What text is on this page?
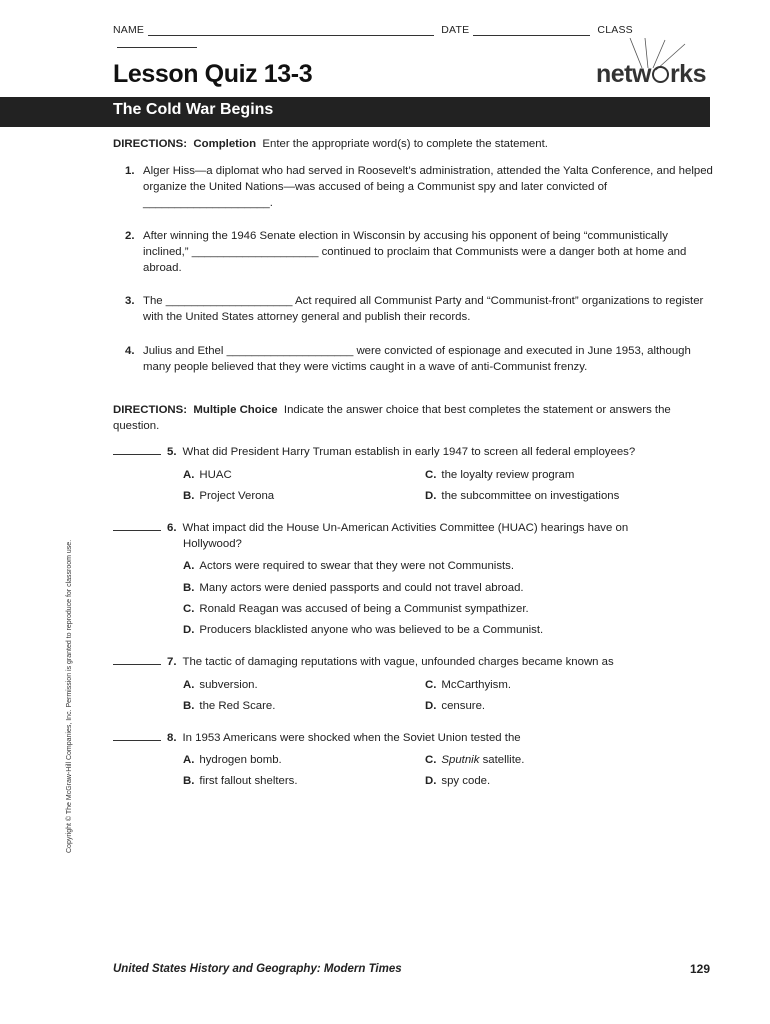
NAME	DATE	CLASS
Lesson Quiz 13-3	netw rks
The Cold War Begins
DIRECTIONS: Completion Enter the appropriate word(s) to complete the statement.
1. Alger Hiss—a diplomat who had served in Roosevelt’s administration, attended the Yalta Conference, and helped organize the United Nations—was accused of being a Communist spy and later convicted of ____________________.
2. After winning the 1946 Senate election in Wisconsin by accusing his opponent of being “communistically inclined,” ____________________ continued to proclaim that Communists were a danger both at home and abroad.
3. The ____________________ Act required all Communist Party and “Communist-front” organizations to register with the United States attorney general and publish their records.
4. Julius and Ethel ____________________ were convicted of espionage and executed in June 1953, although many people believed that they were victims caught in a wave of anti-Communist frenzy.
DIRECTIONS: Multiple Choice Indicate the answer choice that best completes the statement or answers the question.
5. What did President Harry Truman establish in early 1947 to screen all federal employees?
A. HUAC	C. the loyalty review program
B. Project Verona	D. the subcommittee on investigations
6. What impact did the House Un-American Activities Committee (HUAC) hearings have on
Hollywood?
A. Actors were required to swear that they were not Communists.
B. Many actors were denied passports and could not travel abroad.
C. Ronald Reagan was accused of being a Communist sympathizer.
D. Producers blacklisted anyone who was believed to be a Communist.
7. The tactic of damaging reputations with vague, unfounded charges became known as
A. subversion.	C. McCarthyism.
B. the Red Scare.	D. censure.
8. In 1953 Americans were shocked when the Soviet Union tested the
A. hydrogen bomb.	C. Sputnik satellite.
B. first fallout shelters.	D. spy code.
Copyright © The McGraw-Hill Companies, Inc. Permission is granted to reproduce for classroom use.
United States History and Geography: Modern Times	129
